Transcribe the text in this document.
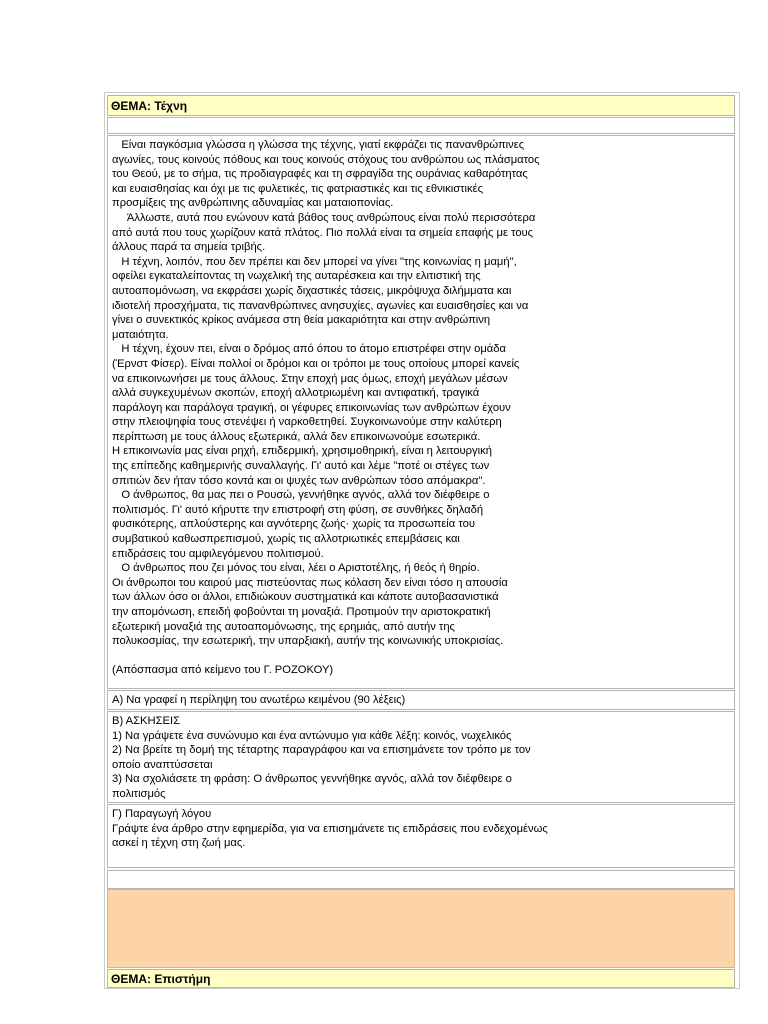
ΘΕΜΑ: Τέχνη

Είναι παγκόσμια γλώσσα η γλώσσα της τέχνης, γιατί εκφράζει τις πανανθρώπινες

αγωνίες, τους κοινούς πόθους και τους κοινούς στόχους του ανθρώπου ως πλάσματος

του Θεού, με το σήμα, τις προδιαγραφές και τη σφραγίδα της ουράνιας καθαρότητας

και ευαισθησίας και όχι με τις φυλετικές, τις φατριαστικές και τις εθνικιστικές

προσμίξεις της ανθρώπινης αδυναμίας και ματαιοπονίας.

Άλλωστε, αυτά που ενώνουν κατά βάθος τους ανθρώπους είναι πολύ περισσότερα

από αυτά που τους χωρίζουν κατά πλάτος. Πιο πολλά είναι τα σημεία επαφής με τους

άλλους παρά τα σημεία τριβής.

Η τέχνη, λοιπόν, που δεν πρέπει και δεν μπορεί να γίνει "της κοινωνίας η μαμή",

οφείλει εγκαταλείποντας τη νωχελική της αυταρέσκεια και την ελιτιστική της

αυτοαπομόνωση, να εκφράσει χωρίς διχαστικές τάσεις, μικρόψυχα διλήμματα και

ιδιοτελή προσχήματα, τις πανανθρώπινες ανησυχίες, αγωνίες και ευαισθησίες και να

γίνει ο συνεκτικός κρίκος ανάμεσα στη θεία μακαριότητα και στην ανθρώπινη

ματαιότητα.

Η τέχνη, έχουν πει, είναι ο δρόμος από όπου το άτομο επιστρέφει στην ομάδα

(Έρνστ Φίσερ). Είναι πολλοί οι δρόμοι και οι τρόποι με τους οποίους μπορεί κανείς

να επικοινωνήσει με τους άλλους. Στην εποχή μας όμως, εποχή μεγάλων μέσων

αλλά συγκεχυμένων σκοπών, εποχή αλλοτριωμένη και αντιφατική, τραγικά

παράλογη και παράλογα τραγική, οι γέφυρες επικοινωνίας των ανθρώπων έχουν

στην πλειοψηφία τους στενέψει ή ναρκοθετηθεί. Συγκοινωνούμε στην καλύτερη

περίπτωση με τους άλλους εξωτερικά, αλλά δεν επικοινωνούμε εσωτερικά.

Η επικοινωνία μας είναι ρηχή, επιδερμική, χρησιμοθηρική, είναι η λειτουργική

της επίπεδης καθημερινής συναλλαγής. Γι' αυτό και λέμε "ποτέ οι στέγες των

σπιτιών δεν ήταν τόσο κοντά και οι ψυχές των ανθρώπων τόσο απόμακρα".

Ο άνθρωπος, θα μας πει ο Ρουσώ, γεννήθηκε αγνός, αλλά τον διέφθειρε ο

πολιτισμός. Γι' αυτό κήρυττε την επιστροφή στη φύση, σε συνθήκες δηλαδή

φυσικότερης, απλούστερης και αγνότερης ζωής· χωρίς τα προσωπεία του

συμβατικού καθωσπρεπισμού, χωρίς τις αλλοτριωτικές επεμβάσεις και

επιδράσεις του αμφιλεγόμενου πολιτισμού.

Ο άνθρωπος που ζει μόνος του είναι, λέει ο Αριστοτέλης, ή θεός ή θηρίο.

Οι άνθρωποι του καιρού μας πιστεύοντας πως κόλαση δεν είναι τόσο η απουσία

των άλλων όσο οι άλλοι, επιδιώκουν συστηματικά και κάποτε αυτοβασανιστικά

την απομόνωση, επειδή φοβούνται τη μοναξιά. Προτιμούν την αριστοκρατική

εξωτερική μοναξιά της αυτοαπομόνωσης, της ερημιάς, από αυτήν της

πολυκοσμίας, την εσωτερική, την υπαρξιακή, αυτήν της κοινωνικής υποκρισίας.

(Απόσπασμα από κείμενο του Γ. ΡΟΖΟΚΟΥ)

Α) Να γραφεί η περίληψη του ανωτέρω κειμένου (90 λέξεις)

Β) ΑΣΚΗΣΕΙΣ

1) Να γράψετε ένα συνώνυμο και ένα αντώνυμο για κάθε λέξη: κοινός, νωχελικός

2) Να βρείτε τη δομή της τέταρτης παραγράφου και να επισημάνετε τον τρόπο με τον

οποίο αναπτύσσεται

3) Να σχολιάσετε τη φράση: Ο άνθρωπος γεννήθηκε αγνός, αλλά τον διέφθειρε ο

πολιτισμός

Γ) Παραγωγή λόγου

Γράψτε ένα άρθρο στην εφημερίδα, για να επισημάνετε τις επιδράσεις που ενδεχομένως

ασκεί η τέχνη στη ζωή μας.

ΘΕΜΑ: Επιστήμη
